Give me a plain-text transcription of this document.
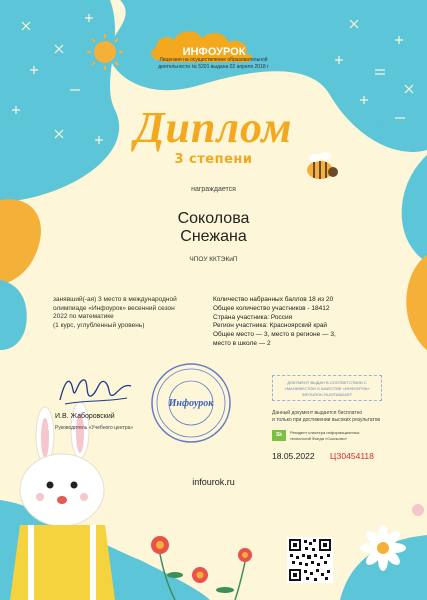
ИНФОУРОК
Лицензия на осуществление образовательной
деятельности № 5201 выдана 02 апреля 2018 г
Диплом
3 степени
награждается
Соколова
Снежана
ЧПОУ ККТЭКиП
занявший(-ая) 3 место в международной
олимпиаде «Инфоурок» весенний сезон
2022 по математике
(1 курс, углубленный уровень)
Количество набранных баллов 18 из 20
Общее количество участников - 18412
Страна участника: Россия
Регион участника: Красноярский край
Общее место — 3, место в регионе — 3,
место в школе — 2
И.В. Жаборовский
Руководитель «Учебного центра»
Инфоурок
ДОКУМЕНТ ВЫДАН В СООТВЕТСТВИИ С
«МАНИФЕСТОМ О КАЧЕСТВЕ «ИНФОУРОК»
INFOUROK.RU/STANDART
Данный документ выдается бесплатно
и только при достижении высоких результатов
Sk	Резидент кластера информационных
технологий Фонда «Сколково»
18.05.2022 ЦЗ0454118
infourok.ru
